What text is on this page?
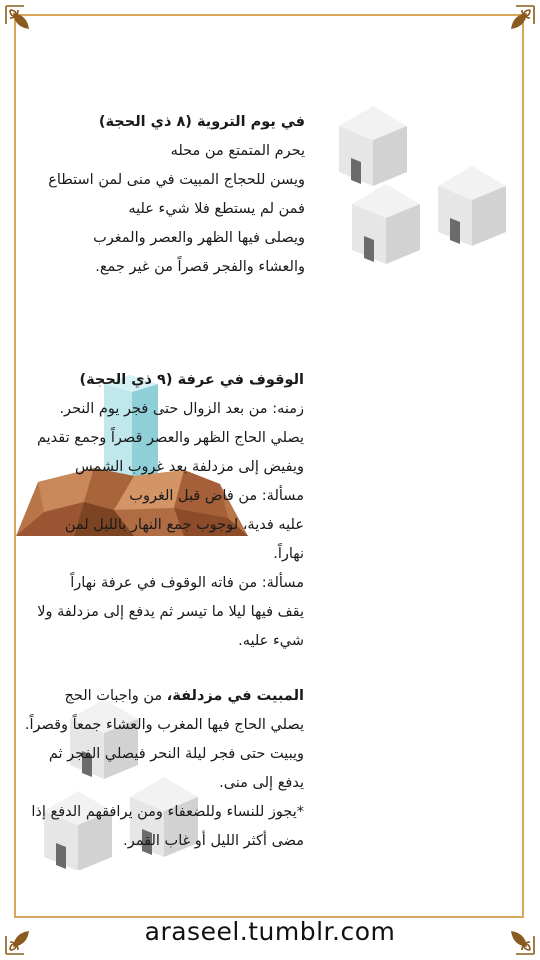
في يوم التروية (٨ ذي الحجة)
يحرم المتمتع من محله
ويسن للحجاج المبيت في منى لمن استطاع
فمن لم يستطع فلا شيء عليه
ويصلى فيها الظهر والعصر والمغرب
والعشاء والفجر قصراً من غير جمع.
الوقوف في عرفة (٩ ذي الحجة)
زمنه: من بعد الزوال حتى فجر يوم النحر.
يصلي الحاج الظهر والعصر قصراً وجمع تقديم
ويفيض إلى مزدلفة بعد غروب الشمس
مسألة: من فاض قبل الغروب
عليه فدية، لوجوب جمع النهار بالليل لمن
نهاراً.
مسألة: من فاته الوقوف في عرفة نهاراً
يقف فيها ليلا ما تيسر ثم يدفع إلى مزدلفة ولا
شيء عليه.
المبيت في مزدلفة، من واجبات الحج
يصلي الحاج فيها المغرب والعشاء جمعاً وقصراً.
ويبيت حتى فجر ليلة النحر فيصلي الفجر ثم
يدفع إلى منى.
*يجوز للنساء وللضعفاء ومن يرافقهم الدفع إذا
مضى أكثر الليل أو غاب القمر.
araseel.tumblr.com
